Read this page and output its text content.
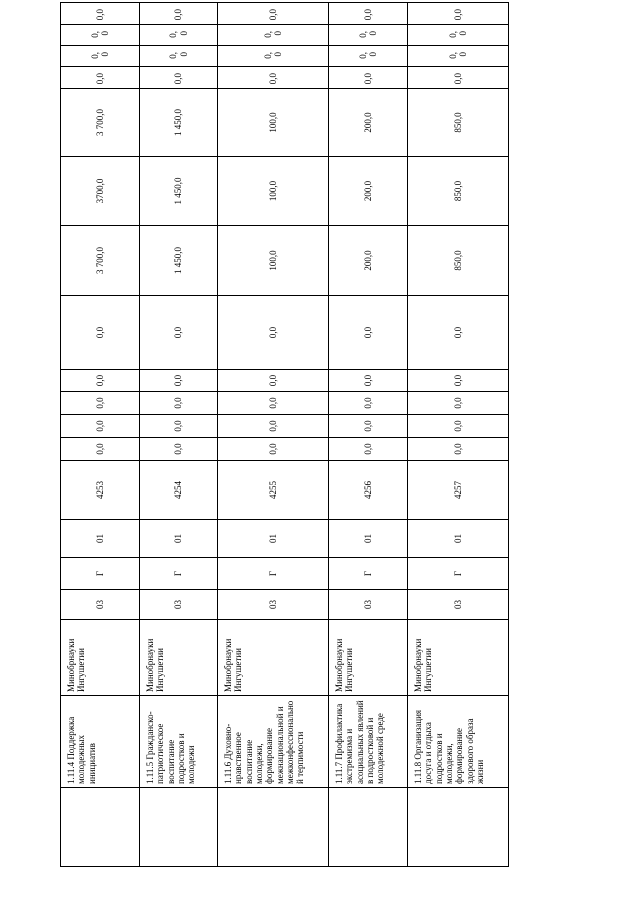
	1.11.4 Поддержка молодежных инициатив	Минобрнауки Ингушетии	03	Г	01	4253	0,0	0,0	0,0	0,0	0,0	3 700,0	3700,0	3 700,0	0,0	0,0	0,0	0,0
	1.11.5 Гражданско-патриотическое воспитание подростков и молодежи	Минобрнауки Ингушетии	03	Г	01	4254	0,0	0,0	0,0	0,0	0,0	1 450,0	1 450,0	1 450,0	0,0	0,0	0,0	0,0
	1.11.6 Духовно-нравственное воспитание молодежи, формирование межнациональной и межконфессиональной терпимости	Минобрнауки Ингушетии	03	Г	01	4255	0,0	0,0	0,0	0,0	0,0	100,0	100,0	100,0	0,0	0,0	0,0	0,0
	1.11.7 Профилактика экстремизма и асоциальных явлений в подростковой и молодежной среде	Минобрнауки Ингушетии	03	Г	01	4256	0,0	0,0	0,0	0,0	0,0	200,0	200,0	200,0	0,0	0,0	0,0	0,0
	1.11.8 Организация досуга и отдыха подростков и молодежи, формирование здорового образа жизни	Минобрнауки Ингушетии	03	Г	01	4257	0,0	0,0	0,0	0,0	0,0	850,0	850,0	850,0	0,0	0,0	0,0	0,0
